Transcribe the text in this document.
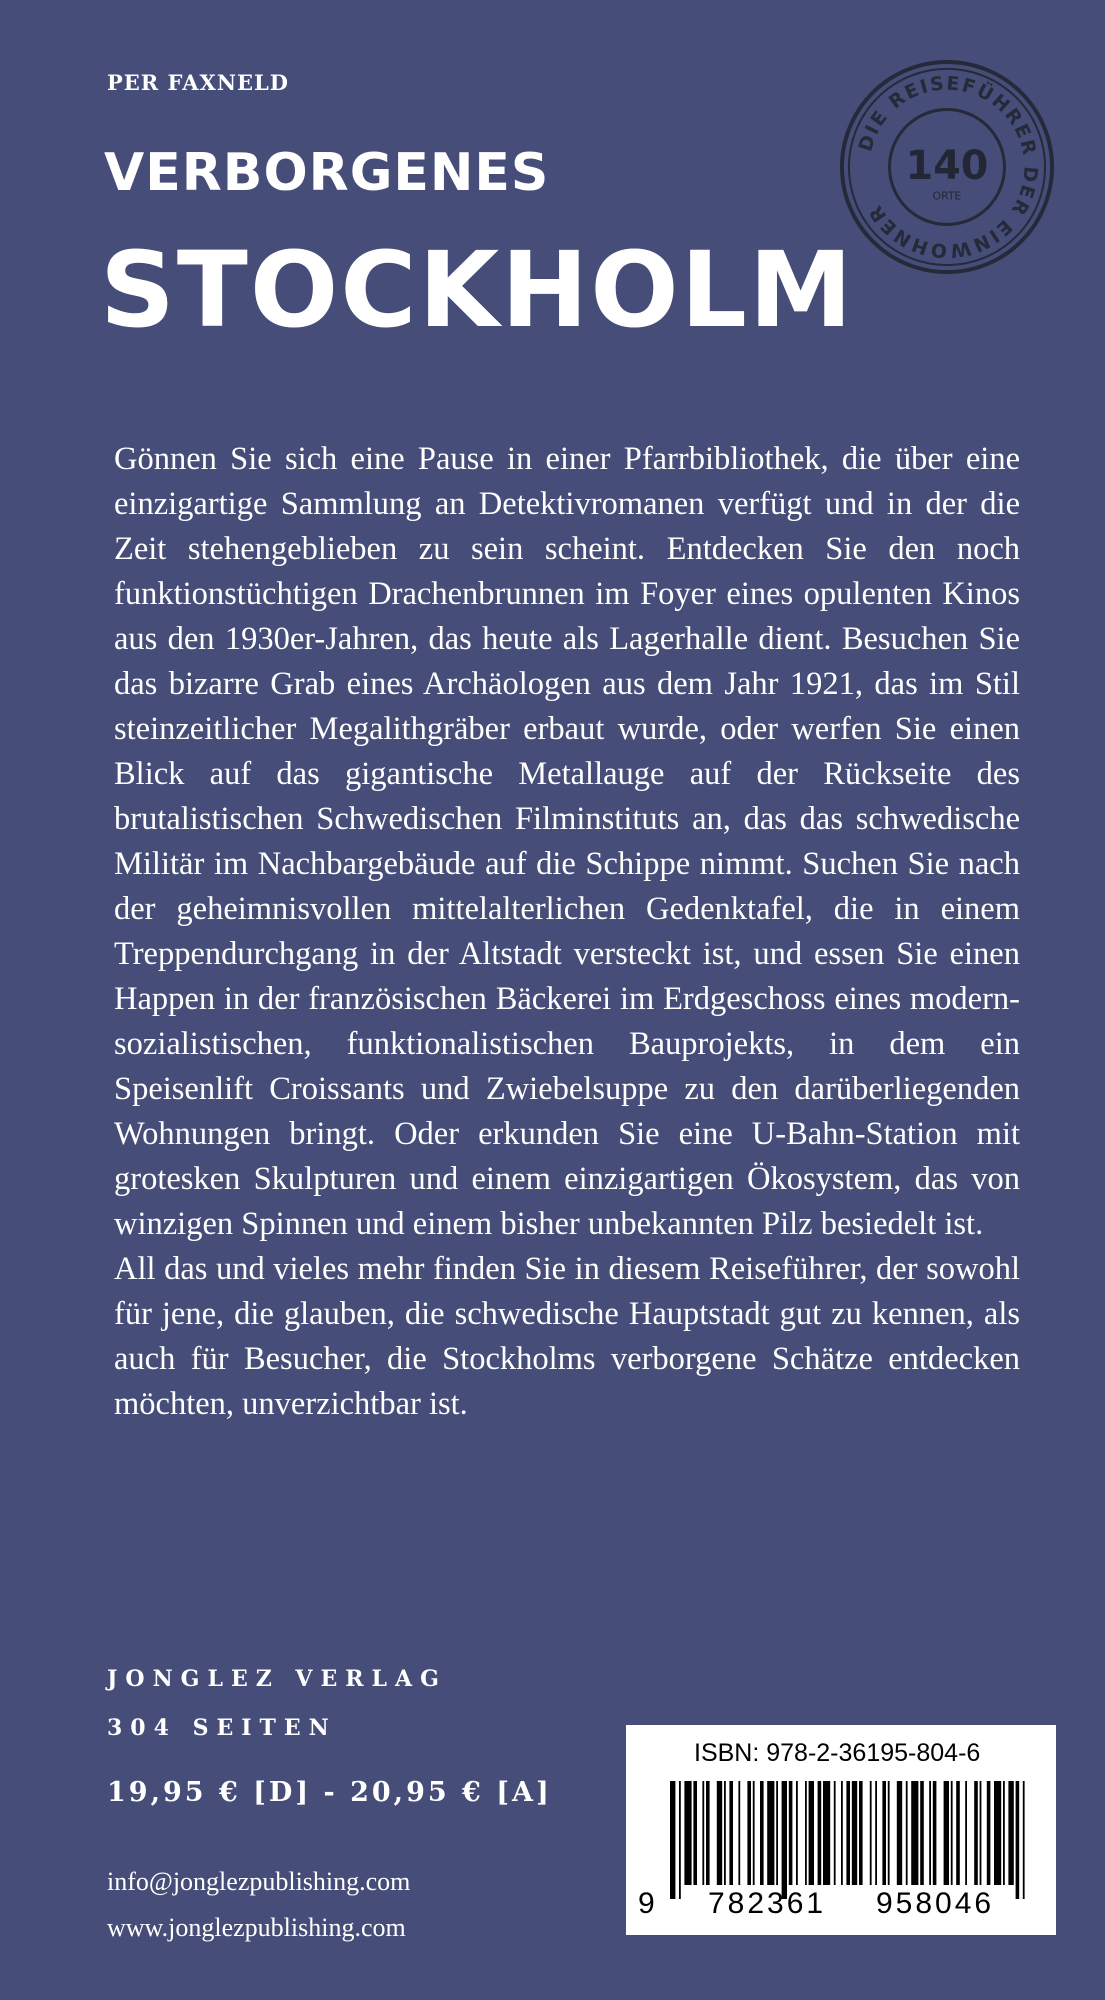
PER FAXNELD

VERBORGENES
STOCKHOLM
DIE REISEFÜHRER DER EINWOHNER
140
ORTE

Gönnen Sie sich eine Pause in einer Pfarrbibliothek, die über eine einzigartige Sammlung an Detektivromanen verfügt und in der die Zeit stehengeblieben zu sein scheint. Entdecken Sie den noch funktionstüchtigen Drachenbrunnen im Foyer eines opulenten Kinos aus den 1930er-Jahren, das heute als Lagerhalle dient. Besuchen Sie das bizarre Grab eines Archäologen aus dem Jahr 1921, das im Stil steinzeitlicher Megalithgräber erbaut wurde, oder werfen Sie einen Blick auf das gigantische Metallauge auf der Rückseite des brutalistischen Schwedischen Filminstituts an, das das schwedische Militär im Nachbargebäude auf die Schippe nimmt. Suchen Sie nach der geheimnisvollen mittelalterlichen Gedenktafel, die in einem Treppendurchgang in der Altstadt versteckt ist, und essen Sie einen Happen in der französischen Bäckerei im Erdgeschoss eines modern-sozialistischen, funktionalistischen Bauprojekts, in dem ein Speisenlift Croissants und Zwiebelsuppe zu den darüberliegenden Wohnungen bringt. Oder erkunden Sie eine U-Bahn-Station mit grotesken Skulpturen und einem einzigartigen Ökosystem, das von winzigen Spinnen und einem bisher unbekannten Pilz besiedelt ist.

All das und vieles mehr finden Sie in diesem Reiseführer, der sowohl für jene, die glauben, die schwedische Hauptstadt gut zu kennen, als auch für Besucher, die Stockholms verborgene Schätze entdecken möchten, unverzichtbar ist.

JONGLEZ VERLAG

304 SEITEN

19,95 € [D] - 20,95 € [A]

info@jonglezpublishing.com

www.jonglezpublishing.com

ISBN: 978-2-36195-804-6

9 782361 958046
